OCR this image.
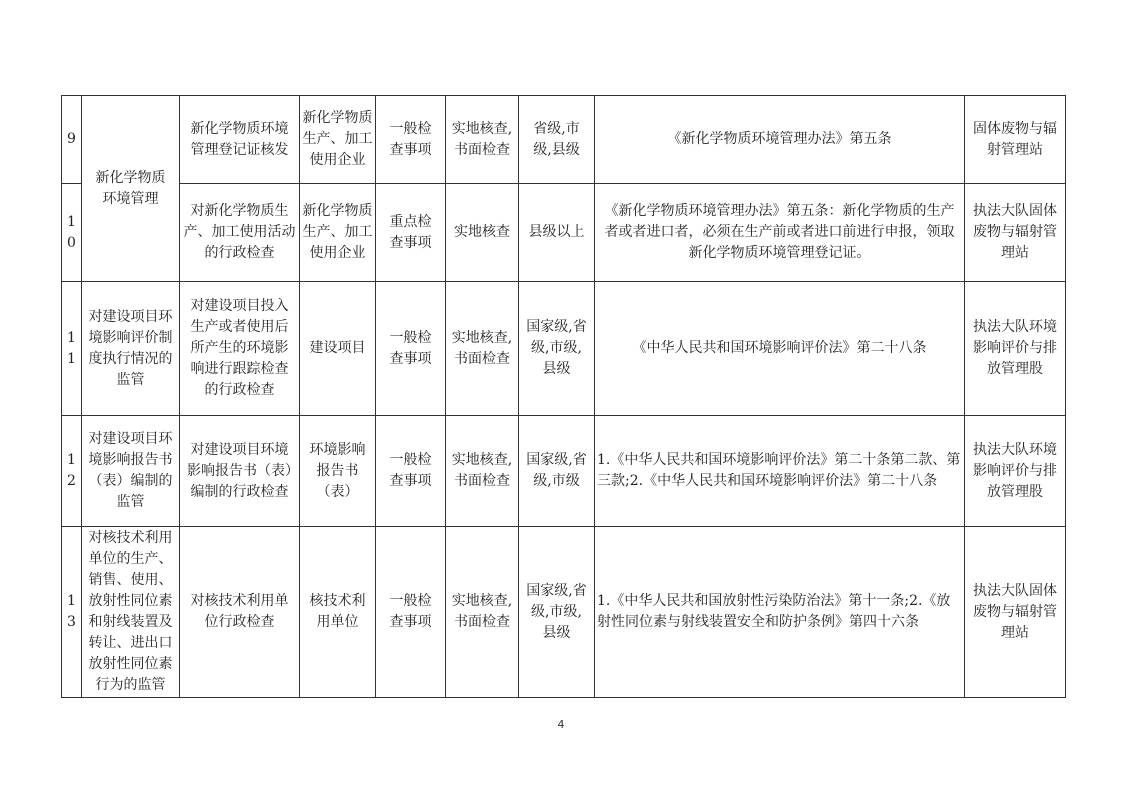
9	新化学物质环境管理	新化学物质环境管理登记证核发	新化学物质生产、加工使用企业	一般检查事项	实地核查,书面检查	省级,市级,县级	《新化学物质环境管理办法》第五条	固体废物与辐射管理站
10		对新化学物质生产、加工使用活动的行政检查	新化学物质生产、加工使用企业	重点检查事项	实地核查	县级以上	《新化学物质环境管理办法》第五条：新化学物质的生产者或者进口者，必须在生产前或者进口前进行申报，领取新化学物质环境管理登记证。	执法大队固体废物与辐射管理站
11	对建设项目环境影响评价制度执行情况的监管	对建设项目投入生产或者使用后所产生的环境影响进行跟踪检查的行政检查	建设项目	一般检查事项	实地核查,书面检查	国家级,省级,市级,县级	《中华人民共和国环境影响评价法》第二十八条	执法大队环境影响评价与排放管理股
12	对建设项目环境影响报告书（表）编制的监管	对建设项目环境影响报告书（表）编制的行政检查	环境影响报告书（表）	一般检查事项	实地核查,书面检查	国家级,省级,市级	1.《中华人民共和国环境影响评价法》第二十条第二款、第三款;2.《中华人民共和国环境影响评价法》第二十八条	执法大队环境影响评价与排放管理股
13	对核技术利用单位的生产、销售、使用、放射性同位素和射线装置及转让、进出口放射性同位素行为的监管	对核技术利用单位行政检查	核技术利用单位	一般检查事项	实地核查,书面检查	国家级,省级,市级,县级	1.《中华人民共和国放射性污染防治法》第十一条;2.《放射性同位素与射线装置安全和防护条例》第四十六条	执法大队固体废物与辐射管理站
4
